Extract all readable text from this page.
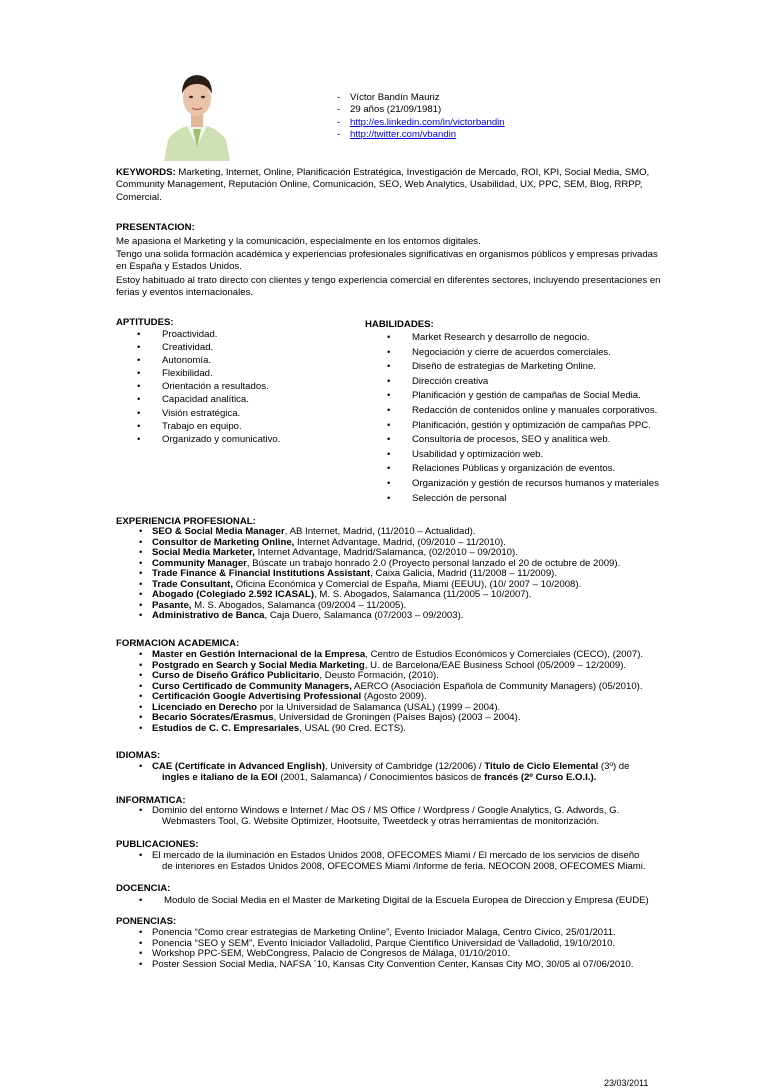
- Víctor Bandín Mauriz
- 29 años (21/09/1981)
- http://es.linkedin.com/in/victorbandin
- http://twitter.com/vbandin

KEYWORDS: Marketing, Internet, Online, Planificación Estratégica, Investigación de Mercado, ROI, KPI, Social Media, SMO, Community Management, Reputación Online, Comunicación, SEO, Web Analytics, Usabilidad, UX, PPC, SEM, Blog, RRPP, Comercial.

PRESENTACION:

Me apasiona el Marketing y la comunicación, especialmente en los entornos digitales.

Tengo una solida formación académica y experiencias profesionales significativas en organismos públicos y empresas privadas en España y Estados Unidos.

Estoy habituado al trato directo con clientes y tengo experiencia comercial en diferentes sectores, incluyendo presentaciones en ferias y eventos internacionales.

APTITUDES:
• Proactividad.
• Creatividad.
• Autonomía.
• Flexibilidad.
• Orientación a resultados.
• Capacidad analítica.
• Visión estratégica.
• Trabajo en equipo.
• Organizado y comunicativo.
HABILIDADES:
• Market Research y desarrollo de negocio.
• Negociación y cierre de acuerdos comerciales.
• Diseño de estrategias de Marketing Online.
• Dirección creativa
• Planificación y gestión de campañas de Social Media.
• Redacción de contenidos online y manuales corporativos.
• Planificación, gestión y optimización de campañas PPC.
• Consultoría de procesos, SEO y analítica web.
• Usabilidad y optimización web.
• Relaciones Públicas y organización de eventos.
• Organización y gestión de recursos humanos y materiales
• Selección de personal
EXPERIENCIA PROFESIONAL:
• SEO & Social Media Manager, AB Internet, Madrid, (11/2010 – Actualidad).
• Consultor de Marketing Online, Internet Advantage, Madrid, (09/2010 – 11/2010).
• Social Media Marketer, Internet Advantage, Madrid/Salamanca, (02/2010 – 09/2010).
• Community Manager, Búscate un trabajo honrado 2.0 (Proyecto personal lanzado el 20 de octubre de 2009).
• Trade Finance & Financial Institutions Assistant, Caixa Galicia, Madrid (11/2008 – 11/2009).
• Trade Consultant, Oficina Económica y Comercial de España, Miami (EEUU), (10/ 2007 – 10/2008).
• Abogado (Colegiado 2.592 ICASAL), M. S. Abogados, Salamanca (11/2005 – 10/2007).
• Pasante, M. S. Abogados, Salamanca (09/2004 – 11/2005).
• Administrativo de Banca, Caja Duero, Salamanca (07/2003 – 09/2003).
FORMACION ACADEMICA:
• Master en Gestión Internacional de la Empresa, Centro de Estudios Económicos y Comerciales (CECO), (2007).
• Postgrado en Search y Social Media Marketing, U. de Barcelona/EAE Business School (05/2009 – 12/2009).
• Curso de Diseño Gráfico Publicitario, Deusto Formación, (2010).
• Curso Certificado de Community Managers, AERCO (Asociación Española de Community Managers) (05/2010).
• Certificación Google Advertising Professional (Agosto 2009).
• Licenciado en Derecho por la Universidad de Salamanca (USAL) (1999 – 2004).
• Becario Sócrates/Erasmus, Universidad de Groningen (Países Bajos) (2003 – 2004).
• Estudios de C. C. Empresariales, USAL (90 Cred. ECTS).
IDIOMAS:
• CAE (Certificate in Advanced English), University of Cambridge (12/2006) / Titulo de Ciclo Elemental (3º) de
ingles e italiano de la EOI (2001, Salamanca) / Conocimientos básicos de francés (2º Curso E.O.I.).
INFORMATICA:
• Dominio del entorno Windows e Internet / Mac OS / MS Office / Wordpress / Google Analytics, G. Adwords, G.
Webmasters Tool, G. Website Optimizer, Hootsuite, Tweetdeck y otras herramientas de monitorización.
PUBLICACIONES:
• El mercado de la iluminación en Estados Unidos 2008, OFECOMES Miami / El mercado de los servicios de diseño
de interiores en Estados Unidos 2008, OFECOMES Miami /Informe de feria. NEOCON 2008, OFECOMES Miami.
DOCENCIA:
• Modulo de Social Media en el Master de Marketing Digital de la Escuela Europea de Direccion y Empresa (EUDE)
PONENCIAS:
• Ponencia “Como crear estrategias de Marketing Online”, Evento Iniciador Malaga, Centro Civico, 25/01/2011.
• Ponencia “SEO y SEM”, Evento Iniciador Valladolid, Parque Científico Universidad de Valladolid, 19/10/2010.
• Workshop PPC-SEM, WebCongress, Palacio de Congresos de Málaga, 01/10/2010.
• Poster Session Social Media, NAFSA ´10, Kansas City Convention Center, Kansas City MO, 30/05 al 07/06/2010.
23/03/2011
